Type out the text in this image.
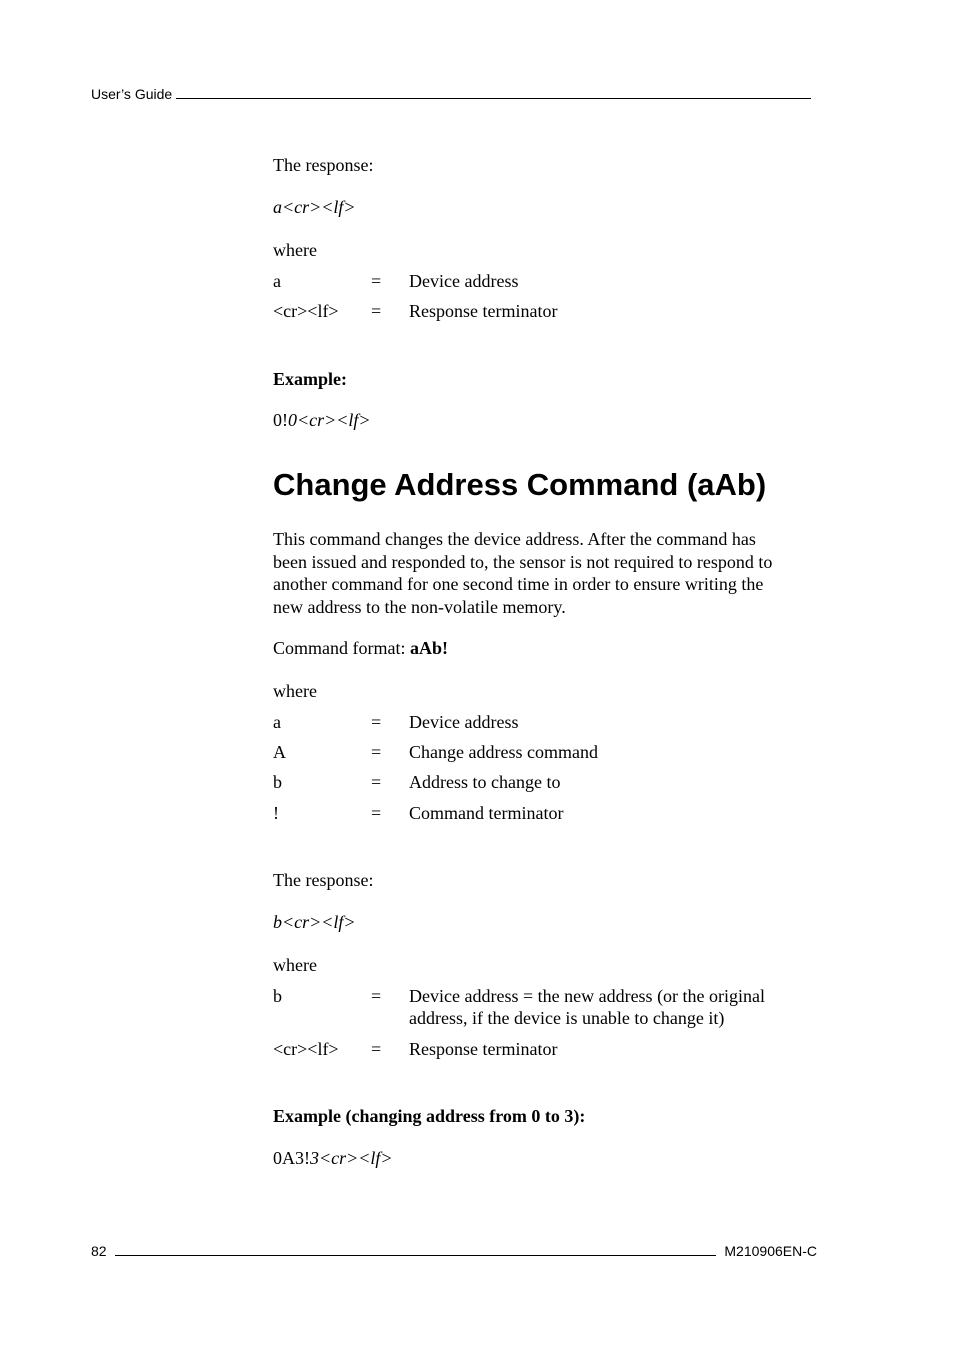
User’s Guide
The response:
a<cr><lf>
where
a	= Device address
<cr><lf> = Response terminator
Example:
0!0<cr><lf>
Change Address Command (aAb)
This command changes the device address. After the command has
been issued and responded to, the sensor is not required to respond to
another command for one second time in order to ensure writing the
new address to the non-volatile memory.
Command format: aAb!
where
a	= Device address
A	= Change address command
b	= Address to change to
!	= Command terminator
The response:
b<cr><lf>
where
b	= Device address = the new address (or the original
address, if the device is unable to change it)
<cr><lf> = Response terminator
Example (changing address from 0 to 3):
0A3!3<cr><lf>
82	M210906EN-C
